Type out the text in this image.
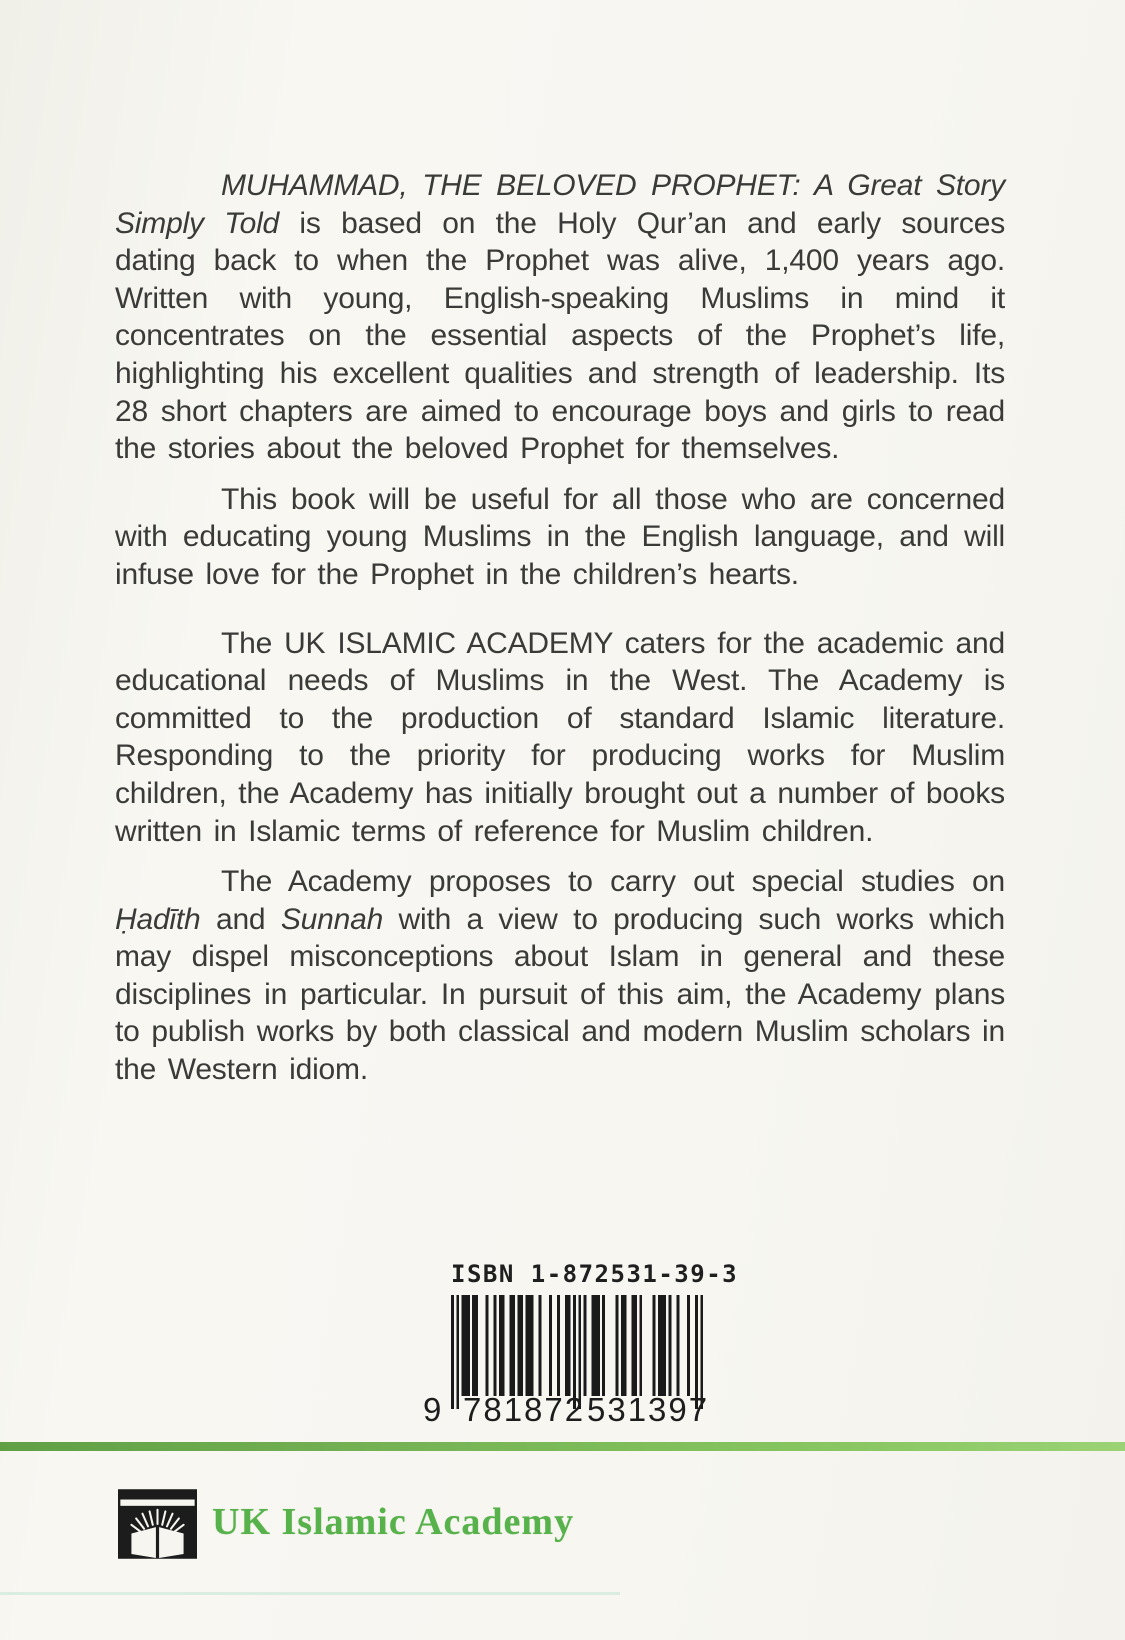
MUHAMMAD, THE BELOVED PROPHET: A Great Story Simply Told is based on the Holy Qur’an and early sources dating back to when the Prophet was alive, 1,400 years ago. Written with young, English-speaking Muslims in mind it concentrates on the essential aspects of the Prophet’s life, highlighting his excellent qualities and strength of leadership. Its 28 short chapters are aimed to encourage boys and girls to read the stories about the beloved Prophet for themselves.

This book will be useful for all those who are concerned with educating young Muslims in the English language, and will infuse love for the Prophet in the children’s hearts.

The UK ISLAMIC ACADEMY caters for the academic and educational needs of Muslims in the West. The Academy is committed to the production of standard Islamic literature. Responding to the priority for producing works for Muslim children, the Academy has initially brought out a number of books written in Islamic terms of reference for Muslim children.

The Academy proposes to carry out special studies on Ḥadīth and Sunnah with a view to producing such works which may dispel misconceptions about Islam in general and these disciplines in particular. In pursuit of this aim, the Academy plans to publish works by both classical and modern Muslim scholars in the Western idiom.

ISBN 1-872531-39-3
9 781872 531397
UK Islamic Academy
